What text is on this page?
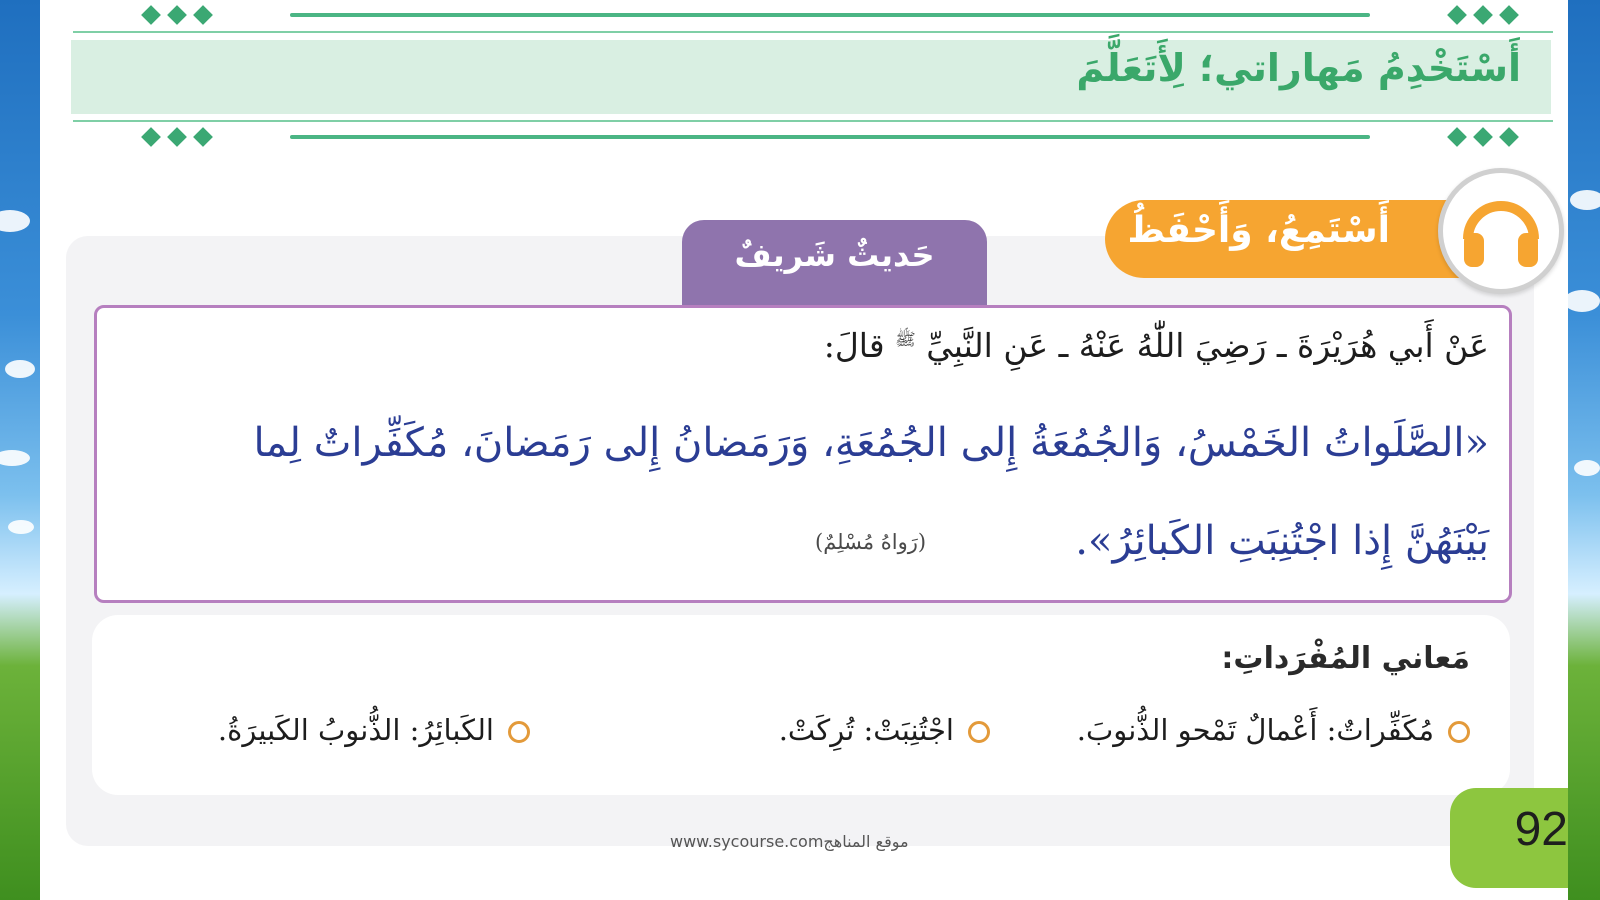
أَسْتَخْدِمُ مَهاراتي؛ لِأَتَعَلَّمَ
أَسْتَمِعُ، وَأَحْفَظُ
حَديثٌ شَريفٌ
عَنْ أَبي هُرَيْرَةَ ـ رَضِيَ اللّٰهُ عَنْهُ ـ عَنِ النَّبِيِّ ﷺ قالَ:
«الصَّلَواتُ الخَمْسُ، وَالجُمُعَةُ إِلى الجُمُعَةِ، وَرَمَضانُ إِلى رَمَضانَ، مُكَفِّراتٌ لِما
بَيْنَهُنَّ إِذا اجْتُنِبَتِ الكَبائِرُ».
(رَواهُ مُسْلِمٌ)
مَعاني المُفْرَداتِ:
مُكَفِّراتٌ: أَعْمالٌ تَمْحو الذُّنوبَ.
اجْتُنِبَتْ: تُرِكَتْ.
الكَبائِرُ: الذُّنوبُ الكَبيرَةُ.
www.sycourse.comموقع المناهج	92
